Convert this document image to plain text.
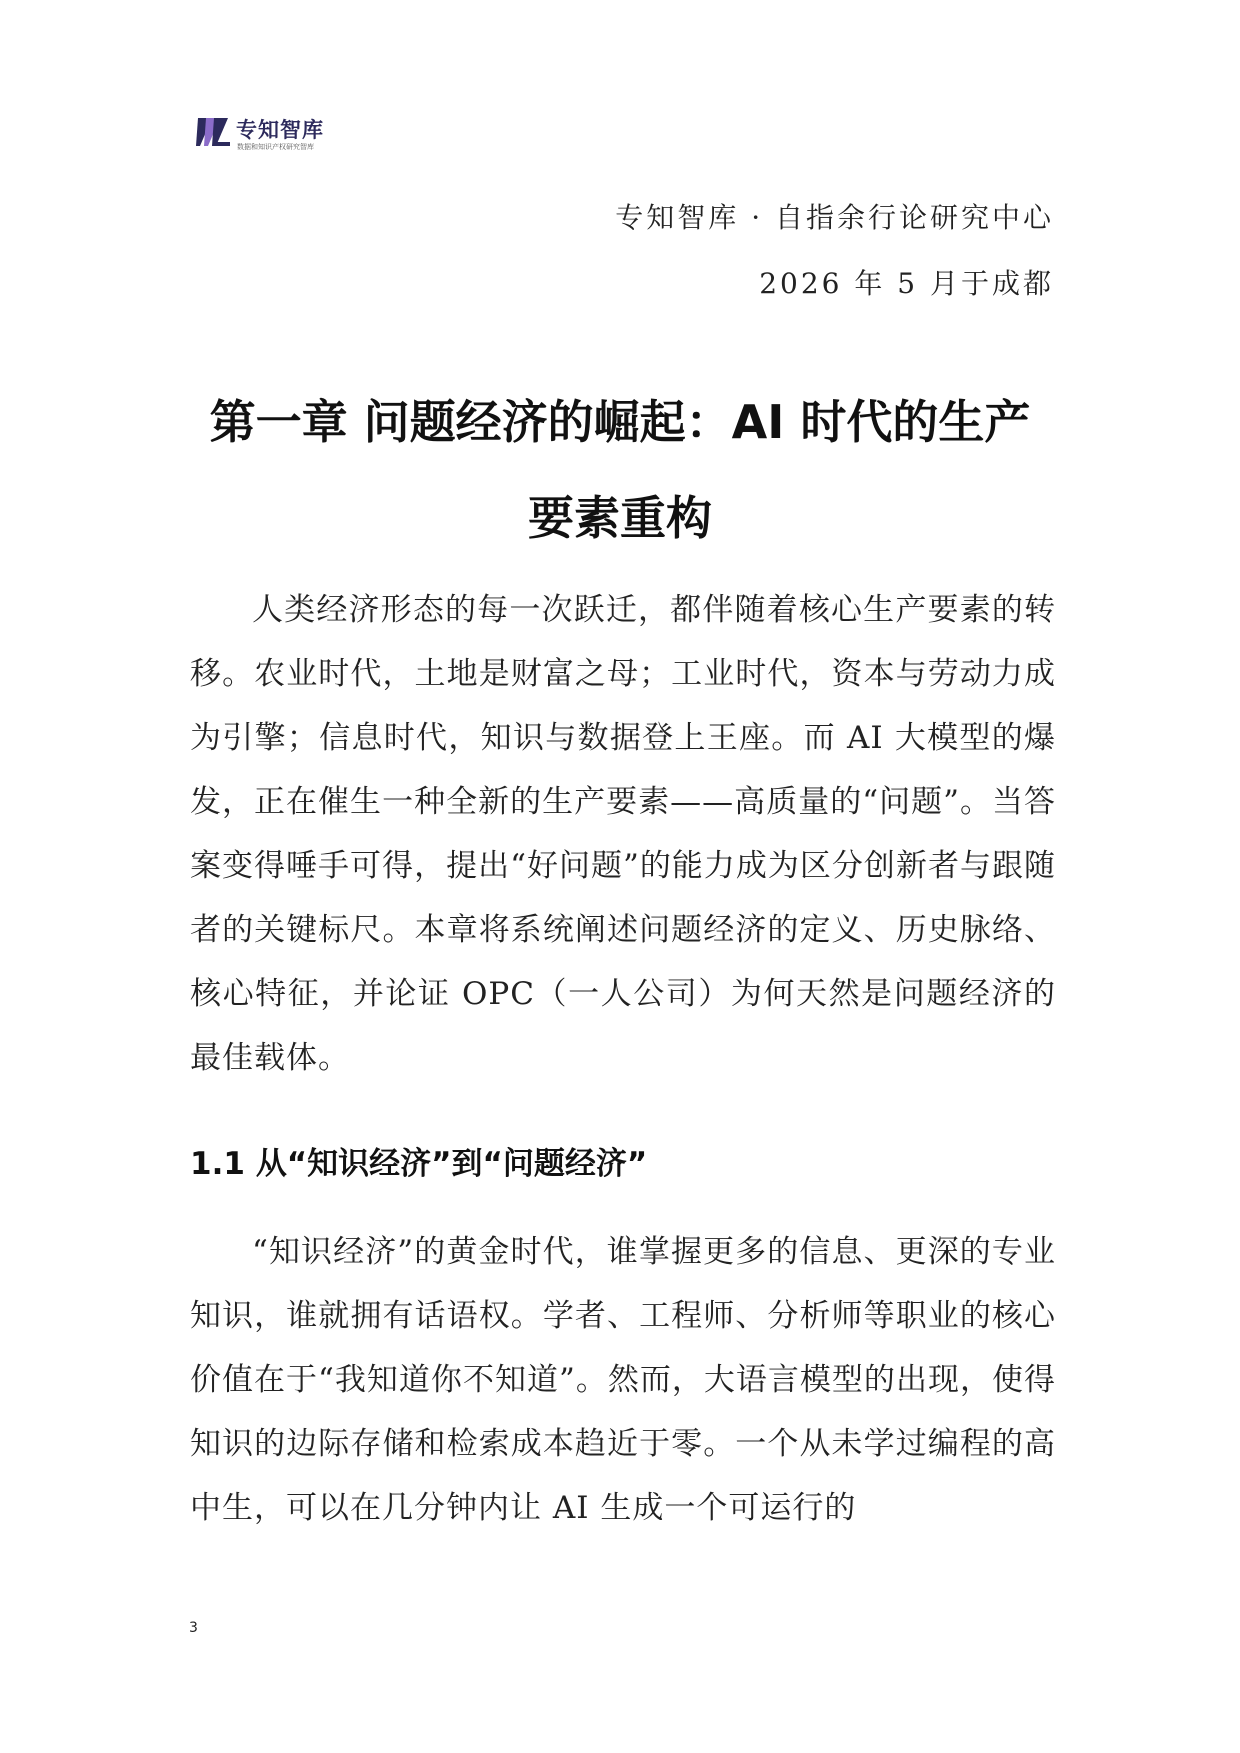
专知智库
数据和知识产权研究智库
专知智库 · 自指余行论研究中心
2026 年 5 月于成都
第一章 问题经济的崛起：AI 时代的生产
要素重构

人类经济形态的每一次跃迁，都伴随着核心生产要素的转移。农业时代，土地是财富之母；工业时代，资本与劳动力成为引擎；信息时代，知识与数据登上王座。而 AI 大模型的爆发，正在催生一种全新的生产要素——高质量的“问题”。当答案变得唾手可得，提出“好问题”的能力成为区分创新者与跟随者的关键标尺。本章将系统阐述问题经济的定义、历史脉络、核心特征，并论证 OPC（一人公司）为何天然是问题经济的最佳载体。

1.1 从“知识经济”到“问题经济”

“知识经济”的黄金时代，谁掌握更多的信息、更深的专业知识，谁就拥有话语权。学者、工程师、分析师等职业的核心价值在于“我知道你不知道”。然而，大语言模型的出现，使得知识的边际存储和检索成本趋近于零。一个从未学过编程的高中生，可以在几分钟内让 AI 生成一个可运行的

3
